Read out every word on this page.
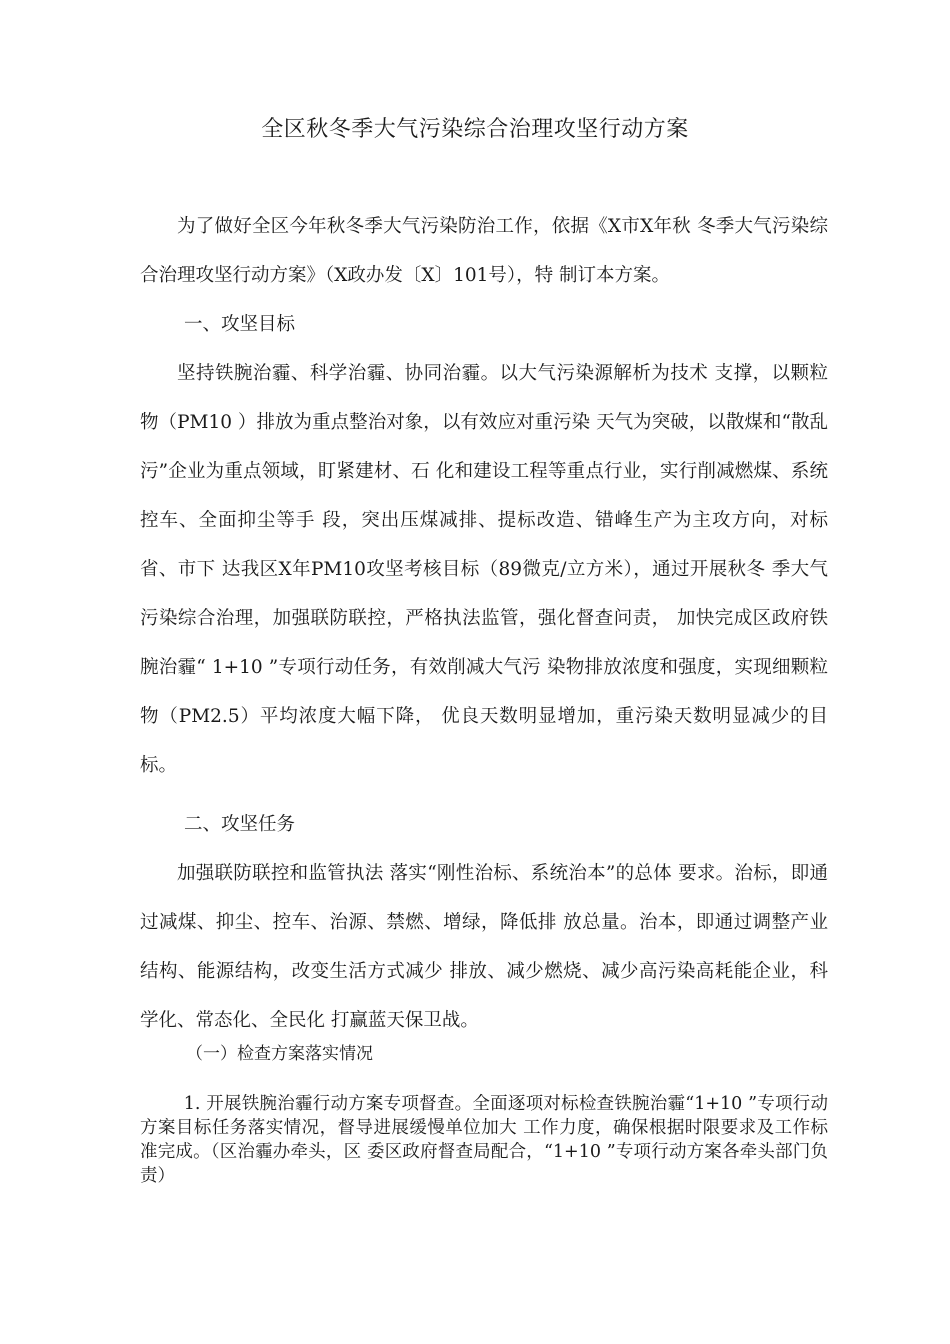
全区秋冬季大气污染综合治理攻坚行动方案

为了做好全区今年秋冬季大气污染防治工作，依据《X市X年秋 冬季大气污染综合治理攻坚行动方案》（X政办发〔X〕101号），特 制订本方案。

一、攻坚目标

坚持铁腕治霾、科学治霾、协同治霾。以大气污染源解析为技术 支撑，以颗粒物（PM10 ）排放为重点整治对象，以有效应对重污染 天气为突破，以散煤和“散乱污”企业为重点领域，盯紧建材、石 化和建设工程等重点行业，实行削减燃煤、系统控车、全面抑尘等手 段，突出压煤减排、提标改造、错峰生产为主攻方向，对标省、市下 达我区X年PM10攻坚考核目标（89微克/立方米），通过开展秋冬 季大气污染综合治理，加强联防联控，严格执法监管，强化督查问责， 加快完成区政府铁腕治霾“ 1+10 ”专项行动任务，有效削减大气污 染物排放浓度和强度，实现细颗粒物（PM2.5）平均浓度大幅下降， 优良天数明显增加，重污染天数明显减少的目标。

二、攻坚任务

加强联防联控和监管执法 落实“刚性治标、系统治本”的总体 要求。治标，即通过减煤、抑尘、控车、治源、禁燃、增绿，降低排 放总量。治本，即通过调整产业结构、能源结构，改变生活方式减少 排放、减少燃烧、减少高污染高耗能企业，科学化、常态化、全民化 打赢蓝天保卫战。

（一）检查方案落实情况

1. 开展铁腕治霾行动方案专项督查。全面逐项对标检查铁腕治霾“1+10 ”专项行动方案目标任务落实情况，督导进展缓慢单位加大 工作力度，确保根据时限要求及工作标准完成。（区治霾办牵头，区 委区政府督查局配合，“1+10 ”专项行动方案各牵头部门负责）
